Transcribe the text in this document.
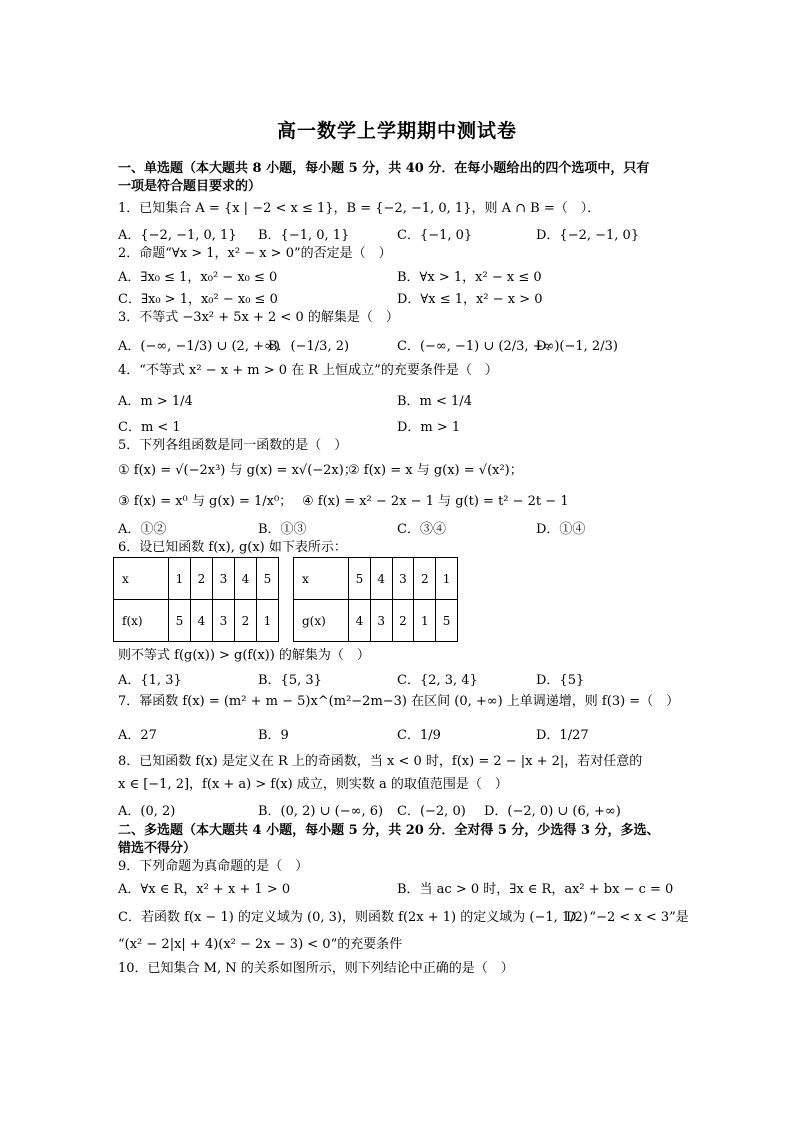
高一数学上学期期中测试卷
一、单选题（本大题共 8 小题，每小题 5 分，共 40 分．在每小题给出的四个选项中，只有
一项是符合题目要求的）
1．已知集合 A = {x | −2 < x ≤ 1}，B = {−2, −1, 0, 1}，则 A ∩ B =（　）．
A．{−2, −1, 0, 1} B．{−1, 0, 1}	C．{−1, 0}	D．{−2, −1, 0}
2．命题“∀x > 1，x² − x > 0”的否定是（　）
A．∃x₀ ≤ 1，x₀² − x₀ ≤ 0	B．∀x > 1，x² − x ≤ 0
C．∃x₀ > 1，x₀² − x₀ ≤ 0	D．∀x ≤ 1，x² − x > 0
3．不等式 −3x² + 5x + 2 < 0 的解集是（　）
A．(−∞, −1/3) ∪ (2, +∞)
B．(−1/3, 2)	C．(−∞, −1) ∪ (2/3, +∞)
D．(−1, 2/3)
4．“不等式 x² − x + m > 0 在 R 上恒成立”的充要条件是（　）
A．m > 1/4	B．m < 1/4
C．m < 1	D．m > 1
5．下列各组函数是同一函数的是（　）
① f(x) = √(−2x³) 与 g(x) = x√(−2x)；
② f(x) = x 与 g(x) = √(x²)；
③ f(x) = x⁰ 与 g(x) = 1/x⁰； ④ f(x) = x² − 2x − 1 与 g(t) = t² − 2t − 1
A．①②	B．①③	C．③④	D．①④
6．设已知函数 f(x), g(x) 如下表所示：
x	1	2	3	4	5
f(x)	5	4	3	2	1
x	5	4	3	2	1
g(x)	4	3	2	1	5
则不等式 f(g(x)) > g(f(x)) 的解集为（　）
A．{1, 3}	B．{5, 3}	C．{2, 3, 4}	D．{5}
7．幂函数 f(x) = (m² + m − 5)x^(m²−2m−3) 在区间 (0, +∞) 上单调递增，则 f(3) =（　）
A．27	B．9	C．1/9	D．1/27
8．已知函数 f(x) 是定义在 R 上的奇函数，当 x < 0 时，f(x) = 2 − |x + 2|，若对任意的
x ∈ [−1, 2]，f(x + a) > f(x) 成立，则实数 a 的取值范围是（　）
A．(0, 2)	B．(0, 2) ∪ (−∞, 6) C．(−2, 0) D．(−2, 0) ∪ (6, +∞)
二、多选题（本大题共 4 小题，每小题 5 分，共 20 分．全对得 5 分，少选得 3 分，多选、
错选不得分）
9．下列命题为真命题的是（　）
A．∀x ∈ R，x² + x + 1 > 0	B．当 ac > 0 时，∃x ∈ R，ax² + bx − c = 0
C．若函数 f(x − 1) 的定义域为 (0, 3)，则函数 f(2x + 1) 的定义域为 (−1, 1/2)
D．“−2 < x < 3”是
“(x² − 2|x| + 4)(x² − 2x − 3) < 0”的充要条件
10．已知集合 M, N 的关系如图所示，则下列结论中正确的是（　）
